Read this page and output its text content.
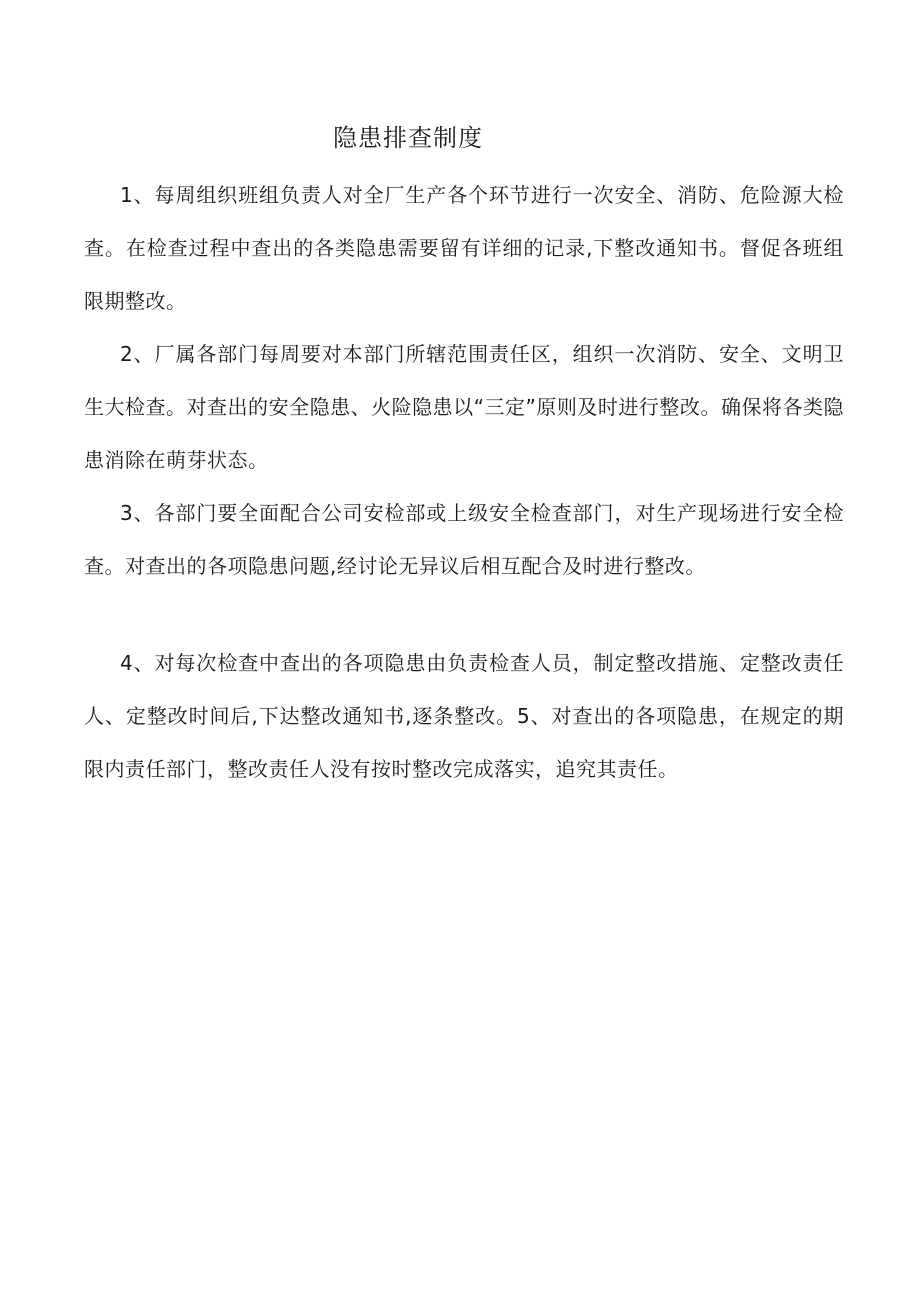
隐患排查制度

1、每周组织班组负责人对全厂生产各个环节进行一次安全、消防、危险源大检查。在检查过程中查出的各类隐患需要留有详细的记录,下整改通知书。督促各班组限期整改。

2、厂属各部门每周要对本部门所辖范围责任区，组织一次消防、安全、文明卫生大检查。对查出的安全隐患、火险隐患以“三定”原则及时进行整改。确保将各类隐患消除在萌芽状态。

3、各部门要全面配合公司安检部或上级安全检查部门，对生产现场进行安全检查。对查出的各项隐患问题,经讨论无异议后相互配合及时进行整改。

4、对每次检查中查出的各项隐患由负责检查人员，制定整改措施、定整改责任人、定整改时间后,下达整改通知书,逐条整改。5、对查出的各项隐患，在规定的期限内责任部门，整改责任人没有按时整改完成落实，追究其责任。
